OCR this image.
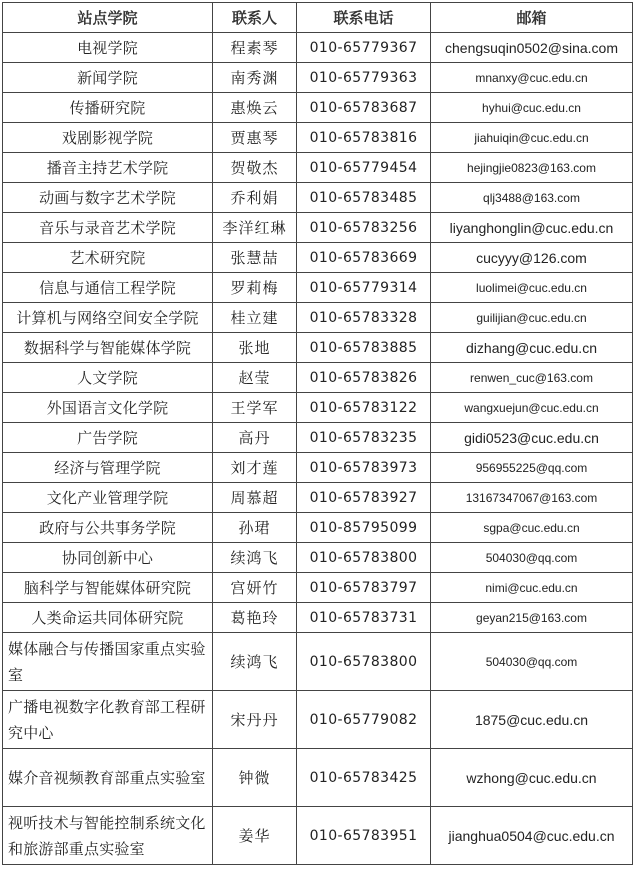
站点学院	联系人	联系电话	邮箱
电视学院	程素琴	010-65779367	chengsuqin0502@sina.com
新闻学院	南秀渊	010-65779363	mnanxy@cuc.edu.cn
传播研究院	惠焕云	010-65783687	hyhui@cuc.edu.cn
戏剧影视学院	贾惠琴	010-65783816	jiahuiqin@cuc.edu.cn
播音主持艺术学院	贺敬杰	010-65779454	hejingjie0823@163.com
动画与数字艺术学院	乔利娟	010-65783485	qlj3488@163.com
音乐与录音艺术学院	李洋红琳	010-65783256	liyanghonglin@cuc.edu.cn
艺术研究院	张慧喆	010-65783669	cucyyy@126.com
信息与通信工程学院	罗莉梅	010-65779314	luolimei@cuc.edu.cn
计算机与网络空间安全学院	桂立建	010-65783328	guilijian@cuc.edu.cn
数据科学与智能媒体学院	张地	010-65783885	dizhang@cuc.edu.cn
人文学院	赵莹	010-65783826	renwen_cuc@163.com
外国语言文化学院	王学军	010-65783122	wangxuejun@cuc.edu.cn
广告学院	高丹	010-65783235	gidi0523@cuc.edu.cn
经济与管理学院	刘才莲	010-65783973	956955225@qq.com
文化产业管理学院	周慕超	010-65783927	13167347067@163.com
政府与公共事务学院	孙珺	010-85795099	sgpa@cuc.edu.cn
协同创新中心	续鸿飞	010-65783800	504030@qq.com
脑科学与智能媒体研究院	宫妍竹	010-65783797	nimi@cuc.edu.cn
人类命运共同体研究院	葛艳玲	010-65783731	geyan215@163.com
媒体融合与传播国家重点实验室	续鸿飞	010-65783800	504030@qq.com
广播电视数字化教育部工程研究中心	宋丹丹	010-65779082	1875@cuc.edu.cn
媒介音视频教育部重点实验室	钟微	010-65783425	wzhong@cuc.edu.cn
视听技术与智能控制系统文化和旅游部重点实验室	姜华	010-65783951	jianghua0504@cuc.edu.cn
